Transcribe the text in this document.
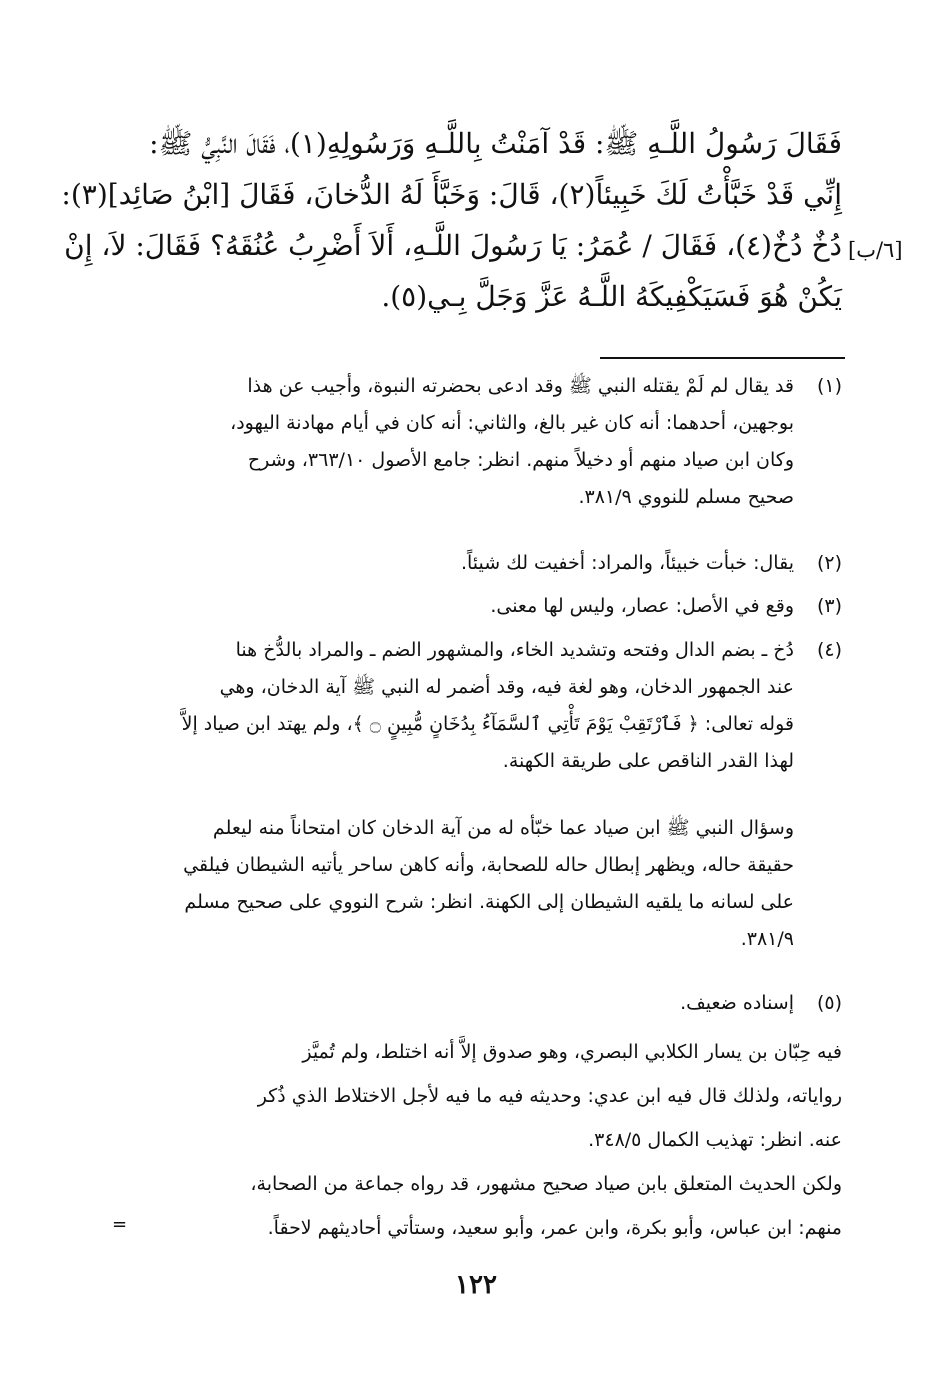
فَقَالَ رَسُولُ اللَّـهِ ﷺ: قَدْ آمَنْتُ بِاللَّـهِ وَرَسُولِهِ(١)، فَقَالَ النَّبِيُّ ﷺ:
إِنِّي قَدْ خَبَّأْتُ لَكَ خَبِيئاً(٢)، قَالَ: وَخَبَّأَ لَهُ الدُّخانَ، فَقَالَ [ابْنُ صَائِد](٣):
دُخٌ دُخٌ(٤)، فَقَالَ / عُمَرُ: يَا رَسُولَ اللَّـهِ، أَلاَ أَضْرِبُ عُنُقَهُ؟ فَقَالَ: لاَ، إِنْ
يَكُنْ هُوَ فَسَيَكْفِيكَهُ اللَّـهُ عَزَّ وَجَلَّ بِـي(٥).
[٦/ب]
(١)
قد يقال لم لَمْ يقتله النبي ﷺ وقد ادعى بحضرته النبوة، وأجيب عن هذا
بوجهين، أحدهما: أنه كان غير بالغ، والثاني: أنه كان في أيام مهادنة اليهود،
وكان ابن صياد منهم أو دخيلاً منهم. انظر: جامع الأصول ٣٦٣/١٠، وشرح
صحيح مسلم للنووي ٣٨١/٩.
(٢)
يقال: خبأت خبيئاً، والمراد: أخفيت لك شيئاً.
(٣)
وقع في الأصل: عصار، وليس لها معنى.
(٤)
دُخ ـ بضم الدال وفتحه وتشديد الخاء، والمشهور الضم ـ والمراد بالدُّخ هنا
عند الجمهور الدخان، وهو لغة فيه، وقد أضمر له النبي ﷺ آية الدخان، وهي
قوله تعالى: ﴿ فَٱرْتَقِبْ يَوْمَ تَأْتِي ٱلسَّمَآءُ بِدُخَانٍ مُّبِينٍ ۝ ﴾، ولم يهتد ابن صياد إلاَّ
لهذا القدر الناقص على طريقة الكهنة.
وسؤال النبي ﷺ ابن صياد عما خبّأه له من آية الدخان كان امتحاناً منه ليعلم
حقيقة حاله، ويظهر إبطال حاله للصحابة، وأنه كاهن ساحر يأتيه الشيطان فيلقي
على لسانه ما يلقيه الشيطان إلى الكهنة. انظر: شرح النووي على صحيح مسلم
٣٨١/٩.
(٥)
إسناده ضعيف.
فيه حِبّان بن يسار الكلابي البصري، وهو صدوق إلاَّ أنه اختلط، ولم تُميَّز
رواياته، ولذلك قال فيه ابن عدي: وحديثه فيه ما فيه لأجل الاختلاط الذي ذُكر
عنه. انظر: تهذيب الكمال ٣٤٨/٥.
ولكن الحديث المتعلق بابن صياد صحيح مشهور، قد رواه جماعة من الصحابة،
منهم: ابن عباس، وأبو بكرة، وابن عمر، وأبو سعيد، وستأتي أحاديثهم لاحقاً.
=
١٢٢
